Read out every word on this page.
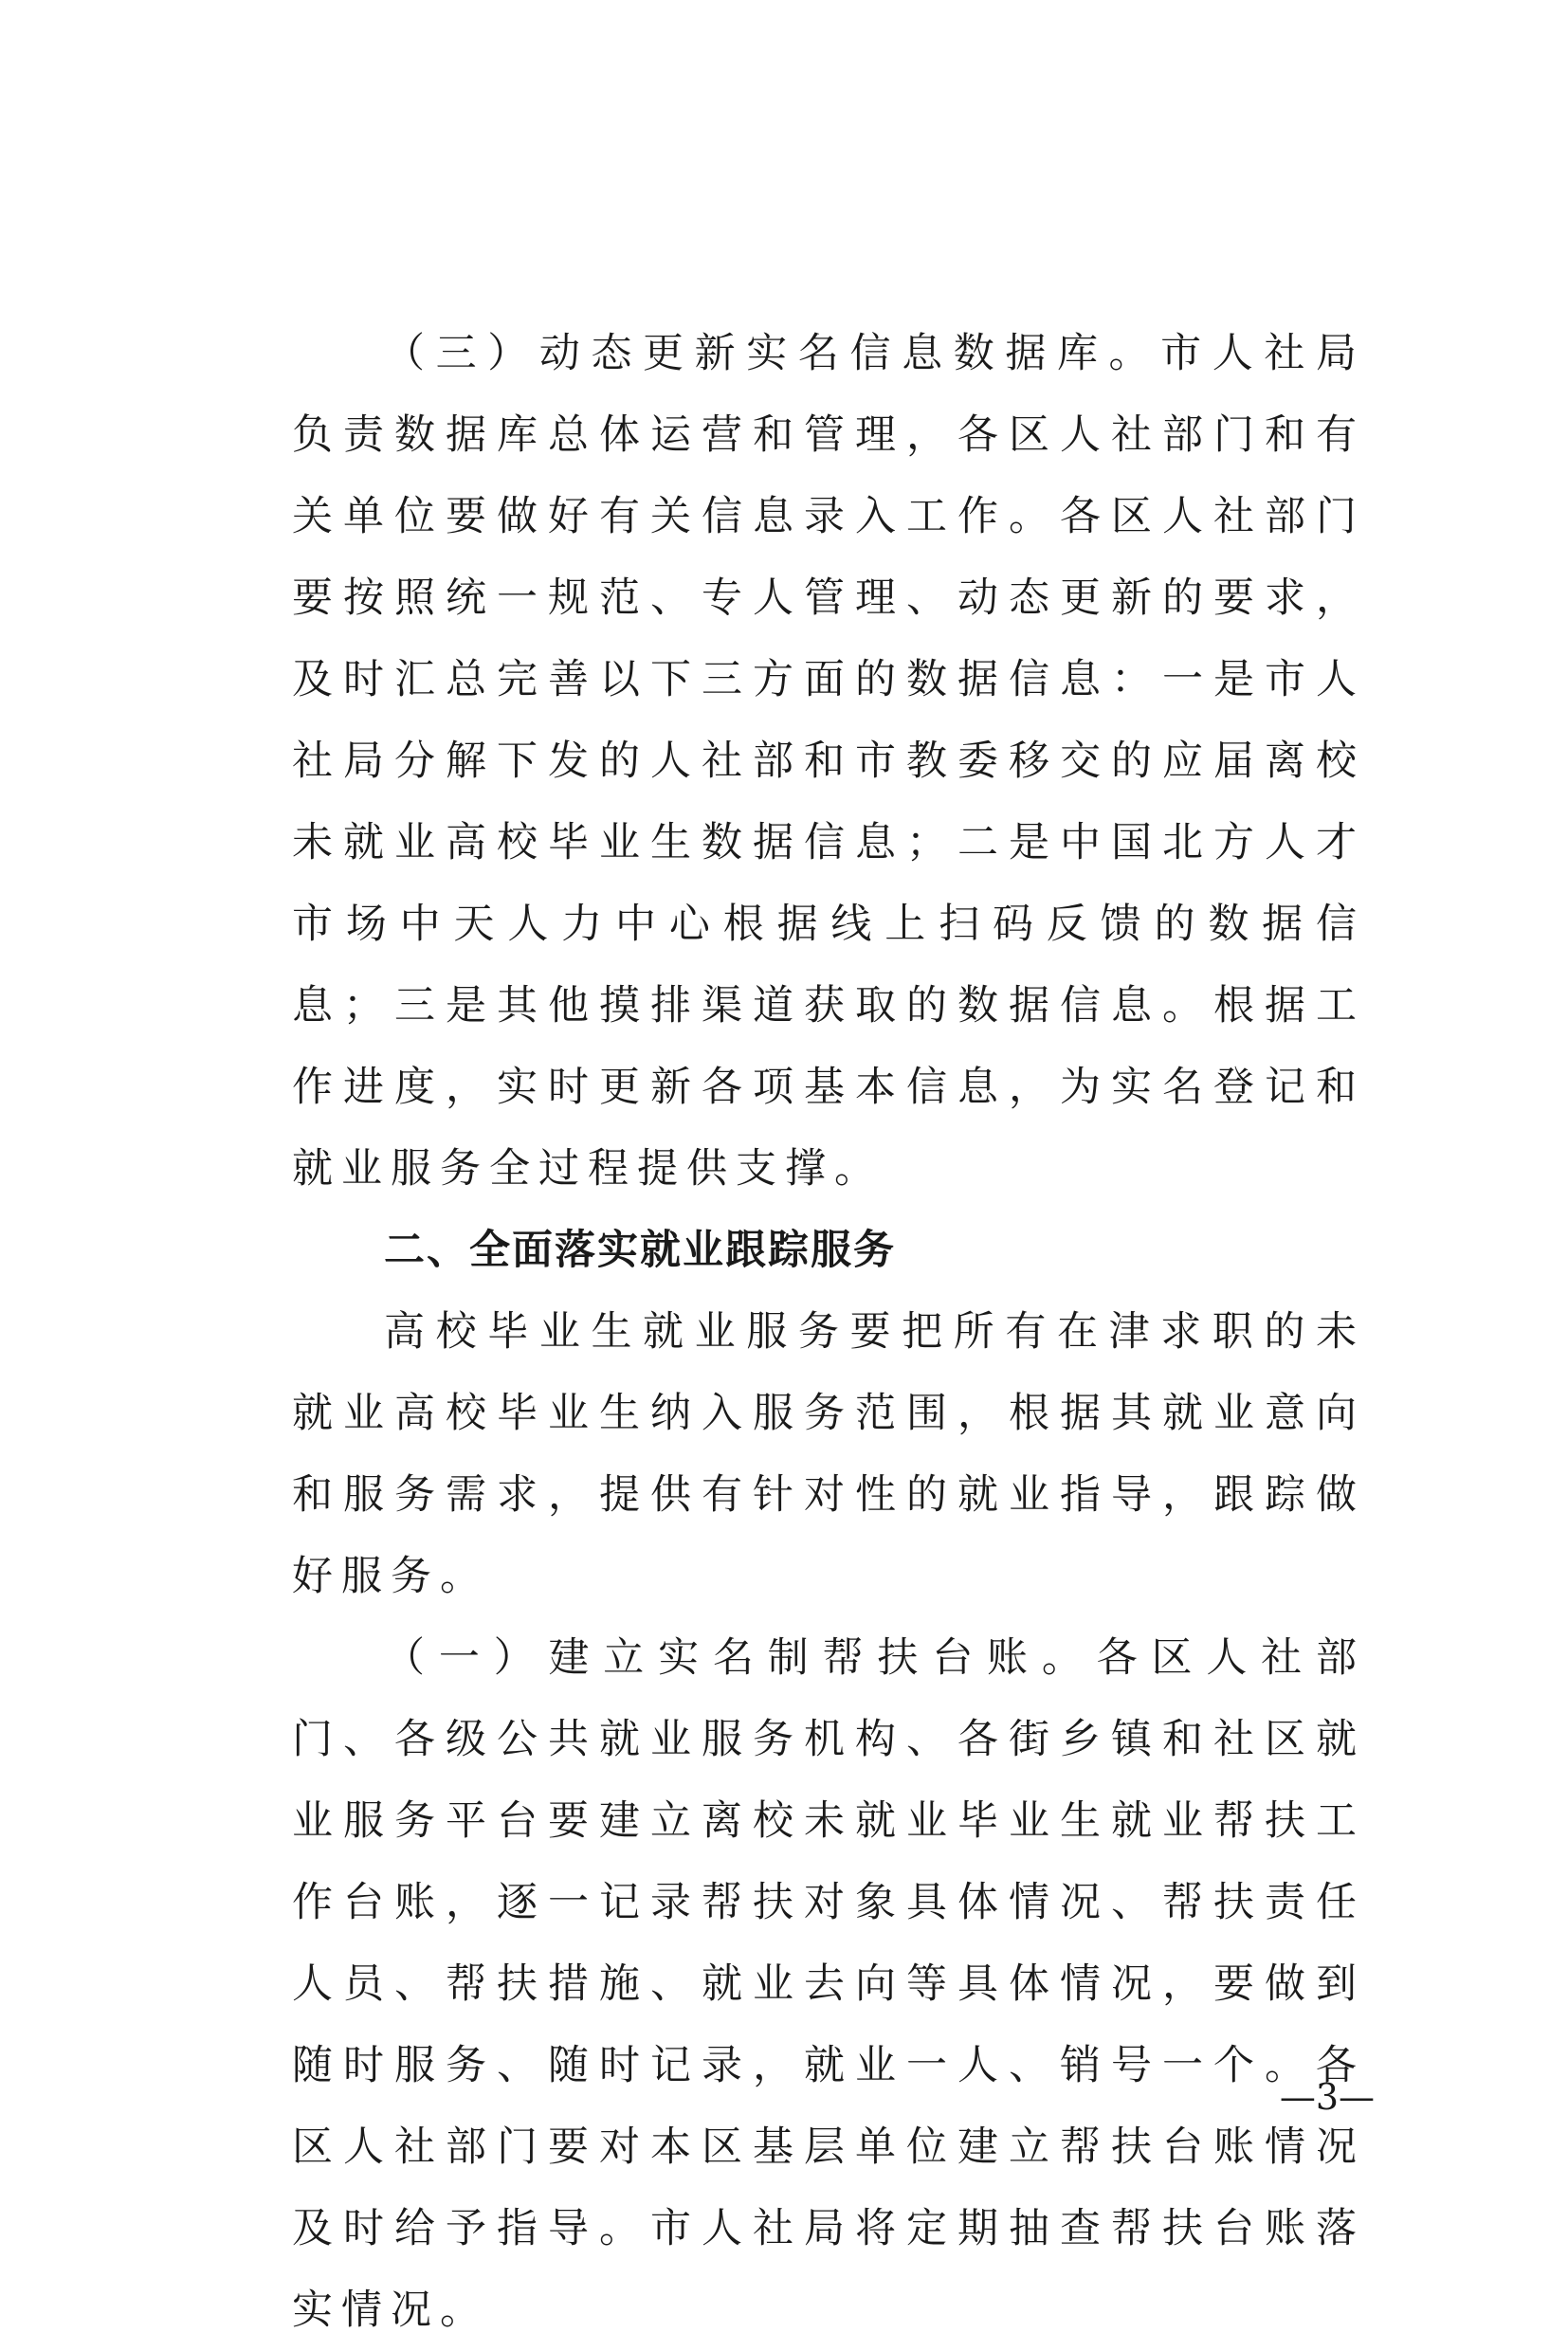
（三）动态更新实名信息数据库。市人社局负责数据库总体运营和管理，各区人社部门和有关单位要做好有关信息录入工作。各区人社部门要按照统一规范、专人管理、动态更新的要求，及时汇总完善以下三方面的数据信息：一是市人社局分解下发的人社部和市教委移交的应届离校未就业高校毕业生数据信息；二是中国北方人才市场中天人力中心根据线上扫码反馈的数据信息；三是其他摸排渠道获取的数据信息。根据工作进度，实时更新各项基本信息，为实名登记和就业服务全过程提供支撑。

二、全面落实就业跟踪服务

高校毕业生就业服务要把所有在津求职的未就业高校毕业生纳入服务范围，根据其就业意向和服务需求，提供有针对性的就业指导，跟踪做好服务。

（一）建立实名制帮扶台账。各区人社部门、各级公共就业服务机构、各街乡镇和社区就业服务平台要建立离校未就业毕业生就业帮扶工作台账，逐一记录帮扶对象具体情况、帮扶责任人员、帮扶措施、就业去向等具体情况，要做到随时服务、随时记录，就业一人、销号一个。各区人社部门要对本区基层单位建立帮扶台账情况及时给予指导。市人社局将定期抽查帮扶台账落实情况。

—3—
